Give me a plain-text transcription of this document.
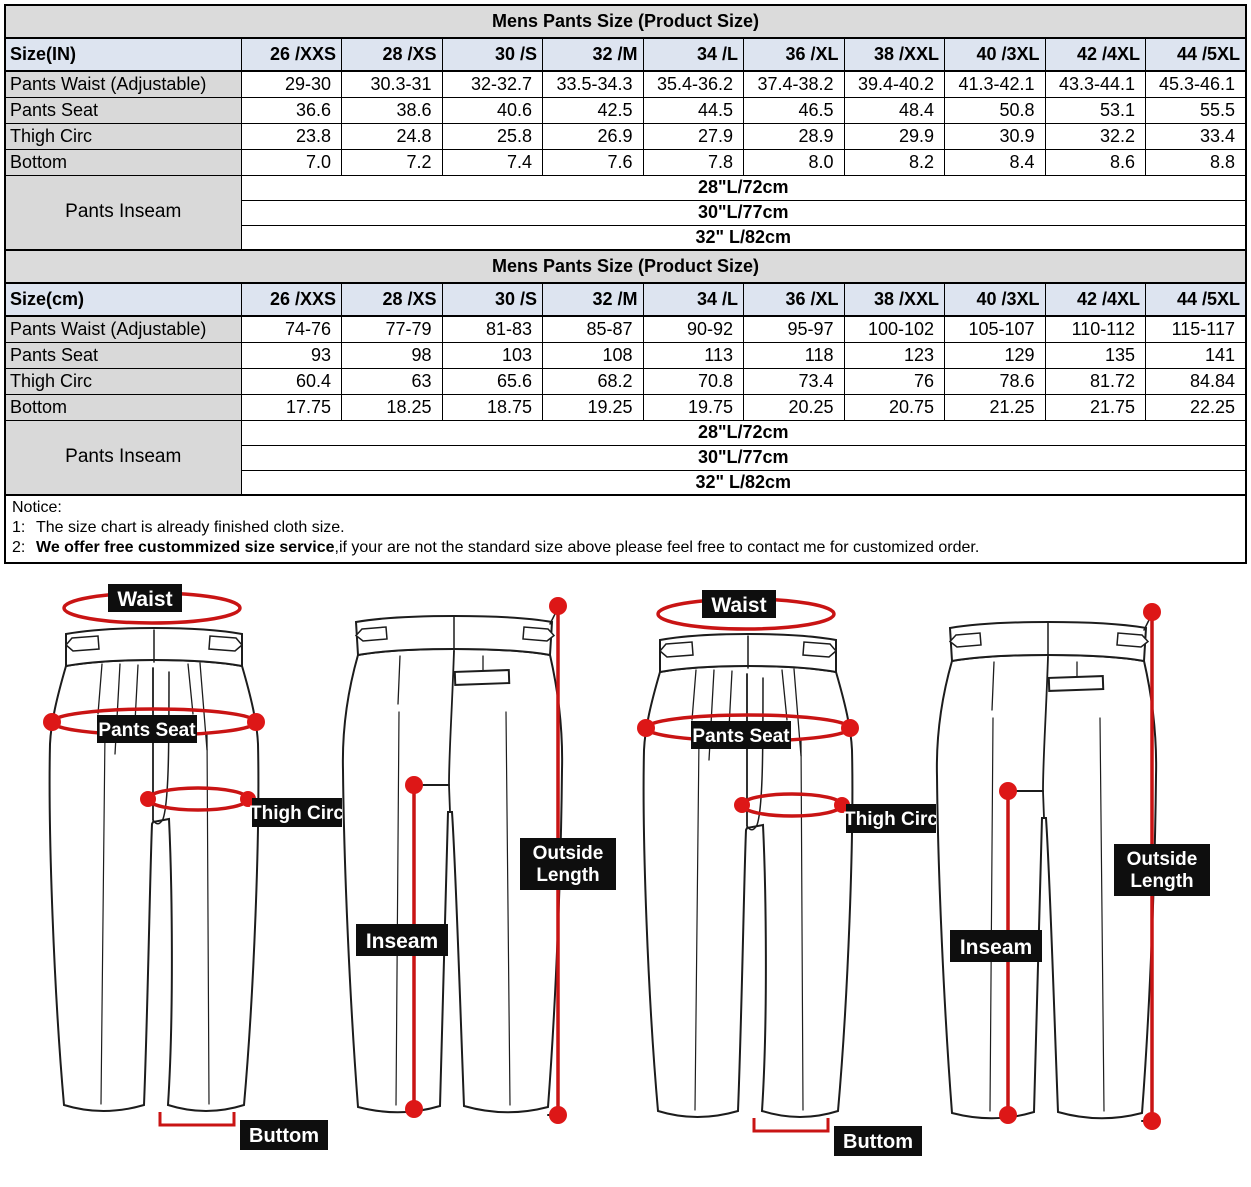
Mens Pants Size (Product Size)										
Size(IN)	26 /XXS	28 /XS	30 /S	32 /M	34 /L	36 /XL	38 /XXL	40 /3XL	42 /4XL	44 /5XL
Pants Waist (Adjustable)	29-30	30.3-31	32-32.7	33.5-34.3	35.4-36.2	37.4-38.2	39.4-40.2	41.3-42.1	43.3-44.1	45.3-46.1
Pants Seat	36.6	38.6	40.6	42.5	44.5	46.5	48.4	50.8	53.1	55.5
Thigh Circ	23.8	24.8	25.8	26.9	27.9	28.9	29.9	30.9	32.2	33.4
Bottom	7.0	7.2	7.4	7.6	7.8	8.0	8.2	8.4	8.6	8.8
Pants Inseam	28"L/72cm									
	30"L/77cm									
	32" L/82cm									
Mens Pants Size (Product Size)										
Size(cm)	26 /XXS	28 /XS	30 /S	32 /M	34 /L	36 /XL	38 /XXL	40 /3XL	42 /4XL	44 /5XL
Pants Waist (Adjustable)	74-76	77-79	81-83	85-87	90-92	95-97	100-102	105-107	110-112	115-117
Pants Seat	93	98	103	108	113	118	123	129	135	141
Thigh Circ	60.4	63	65.6	68.2	70.8	73.4	76	78.6	81.72	84.84
Bottom	17.75	18.25	18.75	19.25	19.75	20.25	20.75	21.25	21.75	22.25
Pants Inseam	28"L/72cm									
	30"L/77cm									
	32" L/82cm									
Notice:
1: The size chart is already finished cloth size.
2: We offer free custommized size service,if your are not the standard size above please feel free to contact me for customized order.
